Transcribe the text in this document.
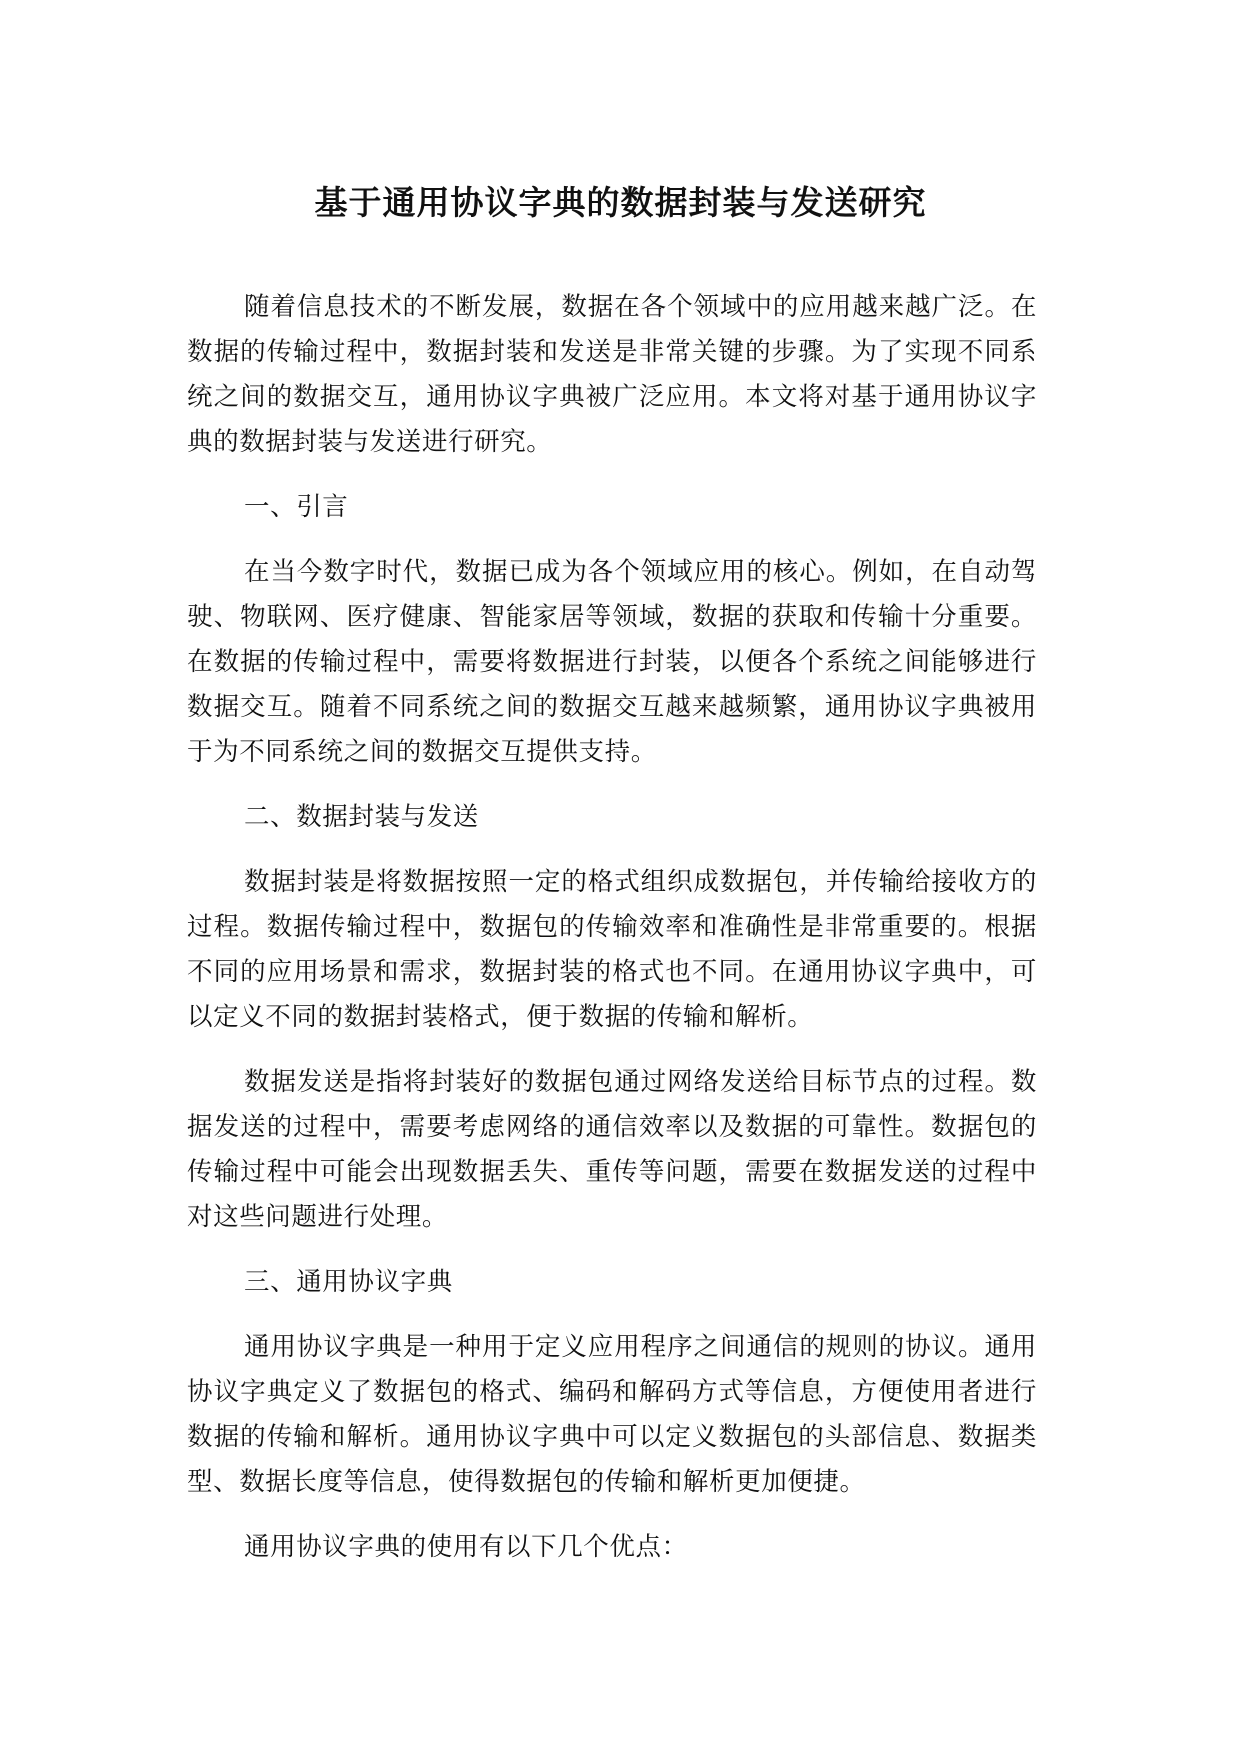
基于通用协议字典的数据封装与发送研究

随着信息技术的不断发展，数据在各个领域中的应用越来越广泛。在数据的传输过程中，数据封装和发送是非常关键的步骤。为了实现不同系统之间的数据交互，通用协议字典被广泛应用。本文将对基于通用协议字典的数据封装与发送进行研究。

一、引言

在当今数字时代，数据已成为各个领域应用的核心。例如，在自动驾驶、物联网、医疗健康、智能家居等领域，数据的获取和传输十分重要。在数据的传输过程中，需要将数据进行封装，以便各个系统之间能够进行数据交互。随着不同系统之间的数据交互越来越频繁，通用协议字典被用于为不同系统之间的数据交互提供支持。

二、数据封装与发送

数据封装是将数据按照一定的格式组织成数据包，并传输给接收方的过程。数据传输过程中，数据包的传输效率和准确性是非常重要的。根据不同的应用场景和需求，数据封装的格式也不同。在通用协议字典中，可以定义不同的数据封装格式，便于数据的传输和解析。

数据发送是指将封装好的数据包通过网络发送给目标节点的过程。数据发送的过程中，需要考虑网络的通信效率以及数据的可靠性。数据包的传输过程中可能会出现数据丢失、重传等问题，需要在数据发送的过程中对这些问题进行处理。

三、通用协议字典

通用协议字典是一种用于定义应用程序之间通信的规则的协议。通用协议字典定义了数据包的格式、编码和解码方式等信息，方便使用者进行数据的传输和解析。通用协议字典中可以定义数据包的头部信息、数据类型、数据长度等信息，使得数据包的传输和解析更加便捷。

通用协议字典的使用有以下几个优点：
